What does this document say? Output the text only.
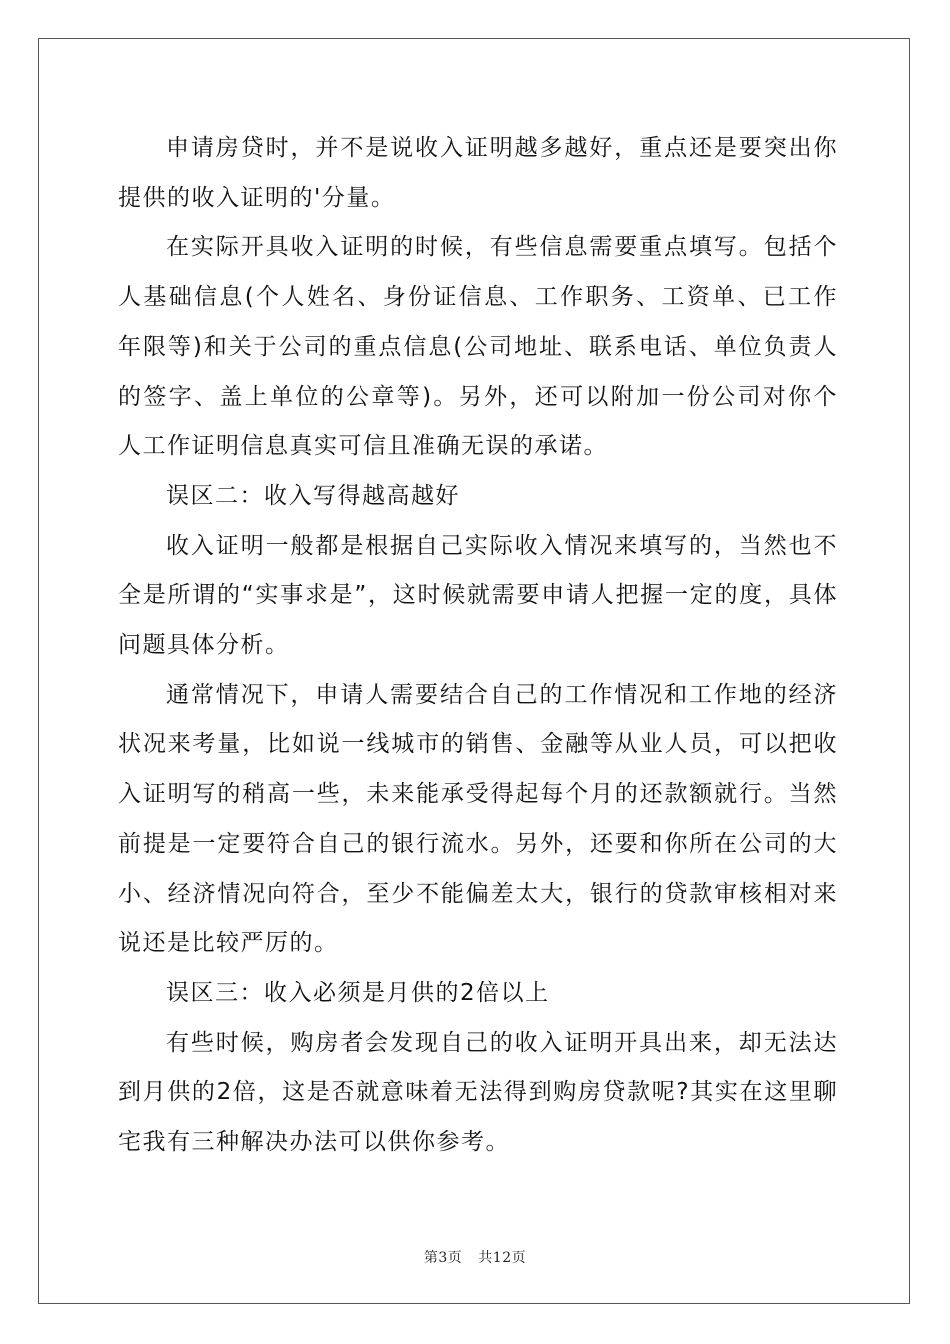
申请房贷时，并不是说收入证明越多越好，重点还是要突出你提供的收入证明的'分量。

在实际开具收入证明的时候，有些信息需要重点填写。包括个人基础信息(个人姓名、身份证信息、工作职务、工资单、已工作年限等)和关于公司的重点信息(公司地址、联系电话、单位负责人的签字、盖上单位的公章等)。另外，还可以附加一份公司对你个人工作证明信息真实可信且准确无误的承诺。

误区二：收入写得越高越好

收入证明一般都是根据自己实际收入情况来填写的，当然也不全是所谓的“实事求是”，这时候就需要申请人把握一定的度，具体问题具体分析。

通常情况下，申请人需要结合自己的工作情况和工作地的经济状况来考量，比如说一线城市的销售、金融等从业人员，可以把收入证明写的稍高一些，未来能承受得起每个月的还款额就行。当然前提是一定要符合自己的银行流水。另外，还要和你所在公司的大小、经济情况向符合，至少不能偏差太大，银行的贷款审核相对来说还是比较严厉的。

误区三：收入必须是月供的2倍以上

有些时候，购房者会发现自己的收入证明开具出来，却无法达到月供的2倍，这是否就意味着无法得到购房贷款呢?其实在这里聊宅我有三种解决办法可以供你参考。

第3页 共12页
